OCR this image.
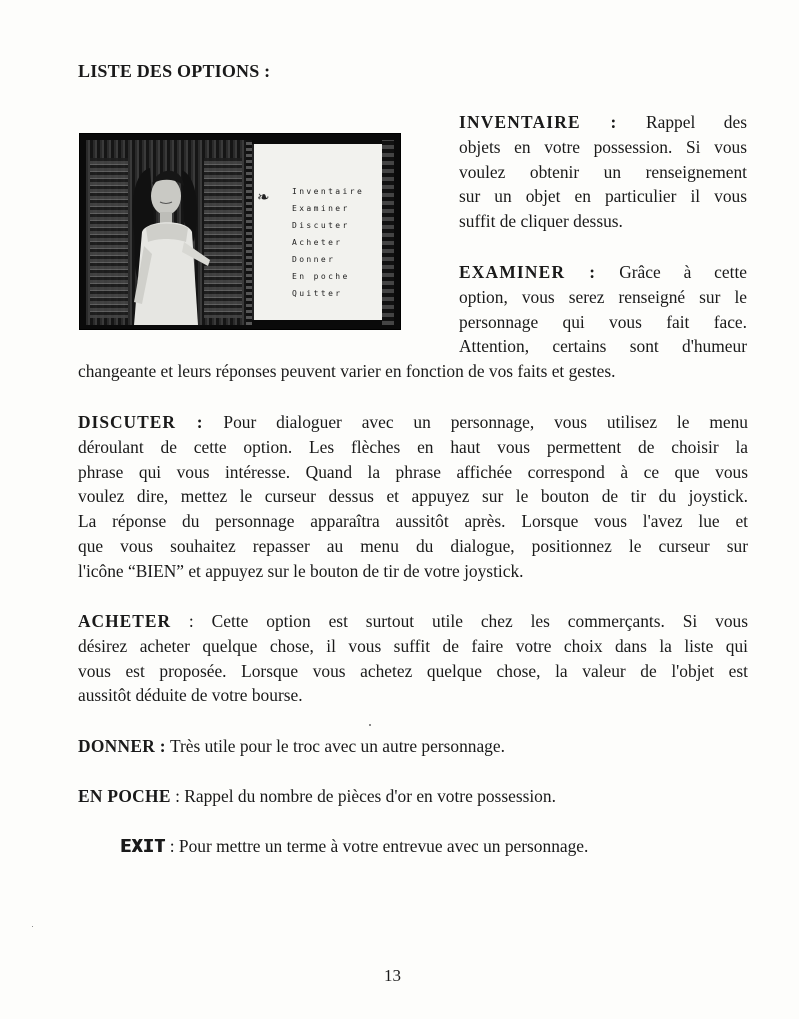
LISTE DES OPTIONS :
❧	Inventaire
Examiner
Discuter
Acheter
Donner
En poche
Quitter
INVENTAIRE : Rappel des
objets en votre possession. Si vous
voulez obtenir un renseignement
sur un objet en particulier il vous
suffit de cliquer dessus.
EXAMINER : Grâce à cette
option, vous serez renseigné sur le
personnage qui vous fait face.
Attention, certains sont d'humeur
changeante et leurs réponses peuvent varier en fonction de vos faits et gestes.
DISCUTER : Pour dialoguer avec un personnage, vous utilisez le menu
déroulant de cette option. Les flèches en haut vous permettent de choisir la
phrase qui vous intéresse. Quand la phrase affichée correspond à ce que vous
voulez dire, mettez le curseur dessus et appuyez sur le bouton de tir du joystick.
La réponse du personnage apparaîtra aussitôt après. Lorsque vous l'avez lue et
que vous souhaitez repasser au menu du dialogue, positionnez le curseur sur
l'icône “BIEN” et appuyez sur le bouton de tir de votre joystick.
ACHETER : Cette option est surtout utile chez les commerçants. Si vous
désirez acheter quelque chose, il vous suffit de faire votre choix dans la liste qui
vous est proposée. Lorsque vous achetez quelque chose, la valeur de l'objet est
aussitôt déduite de votre bourse.
DONNER : Très utile pour le troc avec un autre personnage.
EN POCHE : Rappel du nombre de pièces d'or en votre possession.
EXIT : Pour mettre un terme à votre entrevue avec un personnage.
13
